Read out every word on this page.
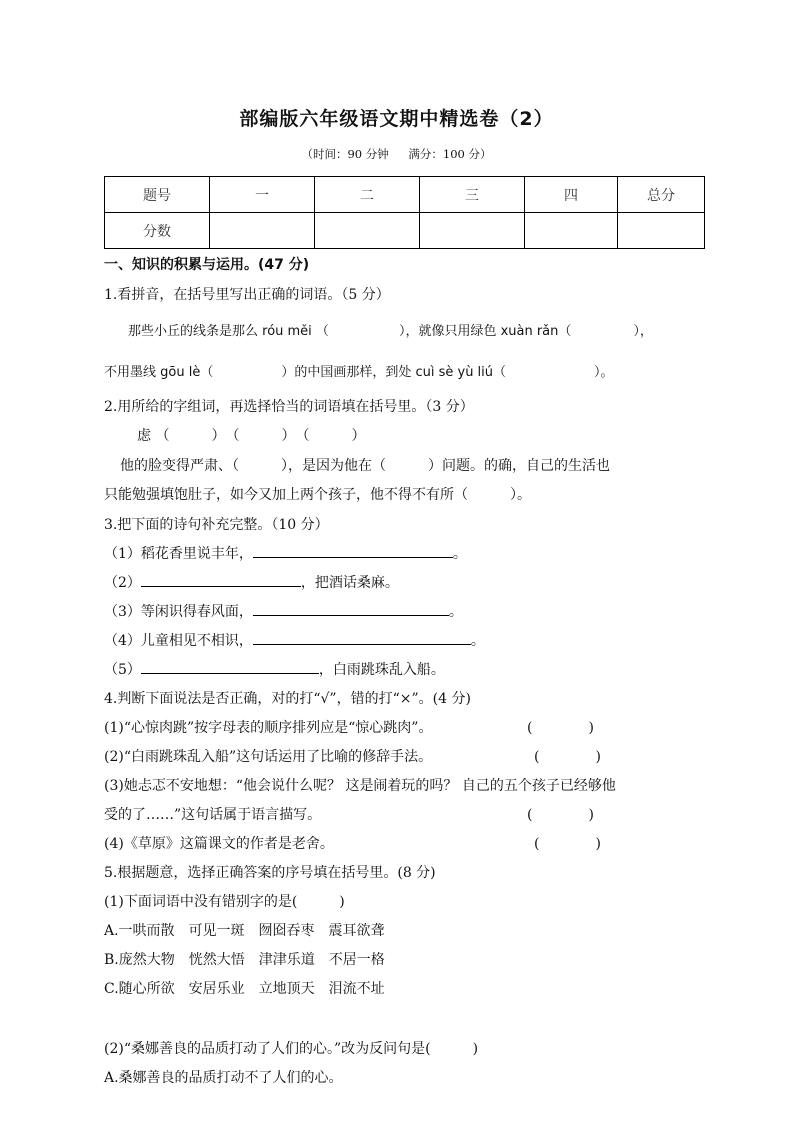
部编版六年级语文期中精选卷（2）
（时间：90 分钟 满分：100 分）
题号	一	二	三	四	总分
分数					
一、知识的积累与运用。(47 分)
1.看拼音，在括号里写出正确的词语。（5 分）
那些小丘的线条是那么 róu měi （	），就像只用绿色 xuàn rǎn（	），
不用墨线 gōu lè（	）的中国画那样，到处 cuì sè yù liú（	）。
2.用所给的字组词，再选择恰当的词语填在括号里。（3 分）
虑 （　　　）　（　　　）　（　　　）
他的脸变得严肃、（　　　），是因为他在（　　　）问题。的确，自己的生活也
只能勉强填饱肚子，如今又加上两个孩子，他不得不有所（　　　）。
3.把下面的诗句补充完整。（10 分）
（1）稻花香里说丰年，	。
（2）	，把酒话桑麻。
（3）等闲识得春风面，	。
（4）儿童相见不相识，	。
（5）	，白雨跳珠乱入船。
4.判断下面说法是否正确，对的打“√”，错的打“×”。(4 分)
(1)“心惊肉跳”按字母表的顺序排列应是“惊心跳肉”。	(　　　　)
(2)“白雨跳珠乱入船”这句话运用了比喻的修辞手法。	(　　　　)
(3)她忐忑不安地想：“他会说什么呢？ 这是闹着玩的吗？ 自己的五个孩子已经够他
受的了……”这句话属于语言描写。	(　　　　)
(4)《草原》这篇课文的作者是老舍。	(　　　　)
5.根据题意，选择正确答案的序号填在括号里。(8 分)
(1)下面词语中没有错别字的是(　　　)
A.一哄而散　可见一斑　囫囵吞枣　震耳欲聋
B.庞然大物　恍然大悟　津津乐道　不居一格
C.随心所欲　安居乐业　立地顶天　泪流不址
(2)“桑娜善良的品质打动了人们的心。”改为反问句是(　　　)
A.桑娜善良的品质打动不了人们的心。
